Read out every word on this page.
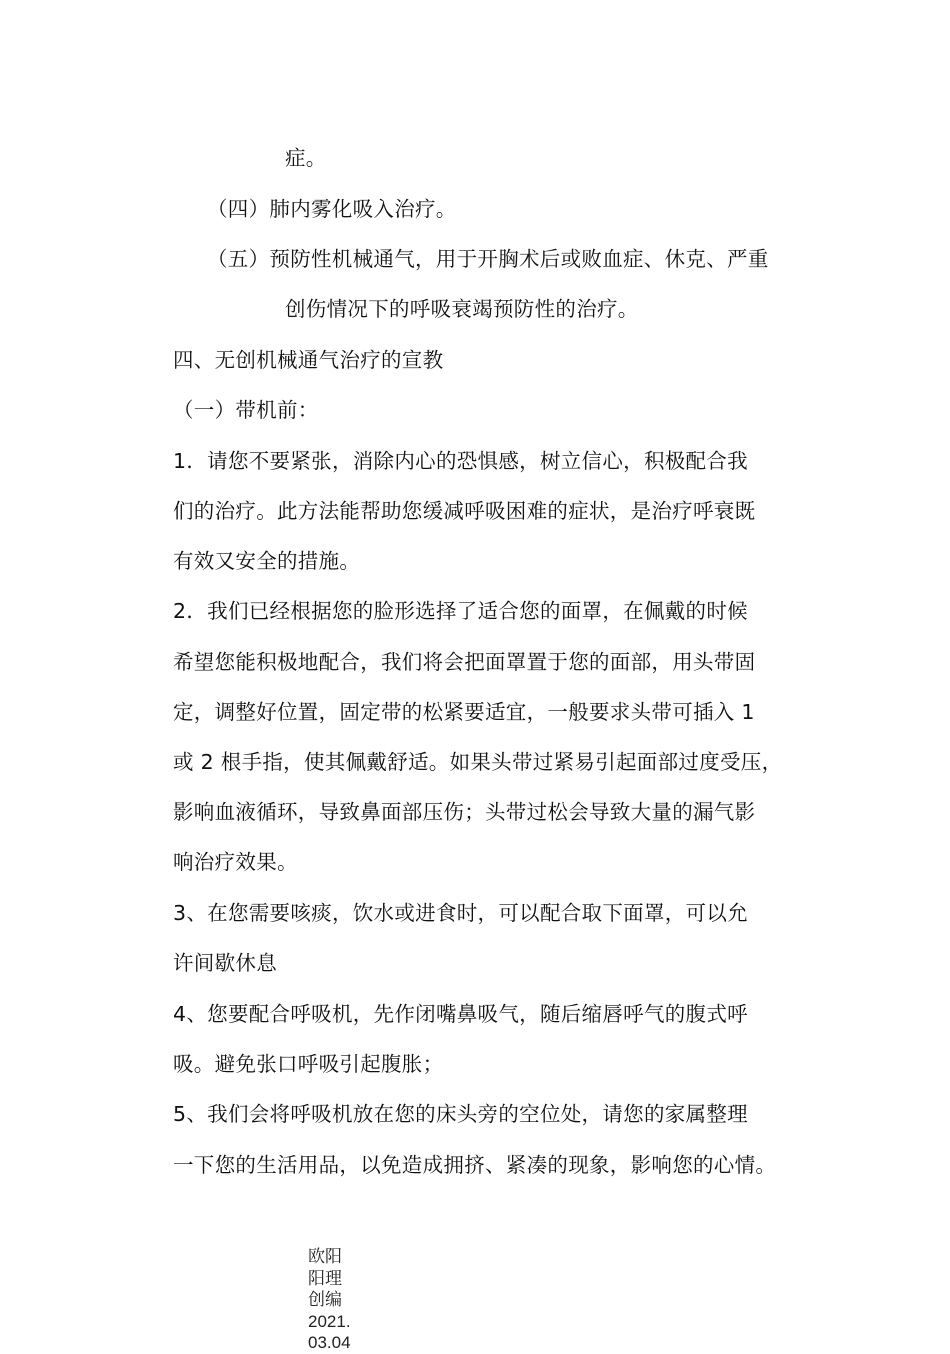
症。
（四）肺内雾化吸入治疗。
（五）预防性机械通气，用于开胸术后或败血症、休克、严重
创伤情况下的呼吸衰竭预防性的治疗。
四、无创机械通气治疗的宣教
（一）带机前：
1．请您不要紧张，消除内心的恐惧感，树立信心，积极配合我
们的治疗。此方法能帮助您缓减呼吸困难的症状，是治疗呼衰既
有效又安全的措施。
2．我们已经根据您的脸形选择了适合您的面罩，在佩戴的时候
希望您能积极地配合，我们将会把面罩置于您的面部，用头带固
定，调整好位置，固定带的松紧要适宜，一般要求头带可插入 1
或 2 根手指，使其佩戴舒适。如果头带过紧易引起面部过度受压，
影响血液循环，导致鼻面部压伤；头带过松会导致大量的漏气影
响治疗效果。
3、在您需要咳痰，饮水或进食时，可以配合取下面罩，可以允
许间歇休息
4、您要配合呼吸机，先作闭嘴鼻吸气，随后缩唇呼气的腹式呼
吸。避免张口呼吸引起腹胀；
5、我们会将呼吸机放在您的床头旁的空位处，请您的家属整理
一下您的生活用品，以免造成拥挤、紧凑的现象，影响您的心情。
欧阳
阳理
创编
2021.
03.04
